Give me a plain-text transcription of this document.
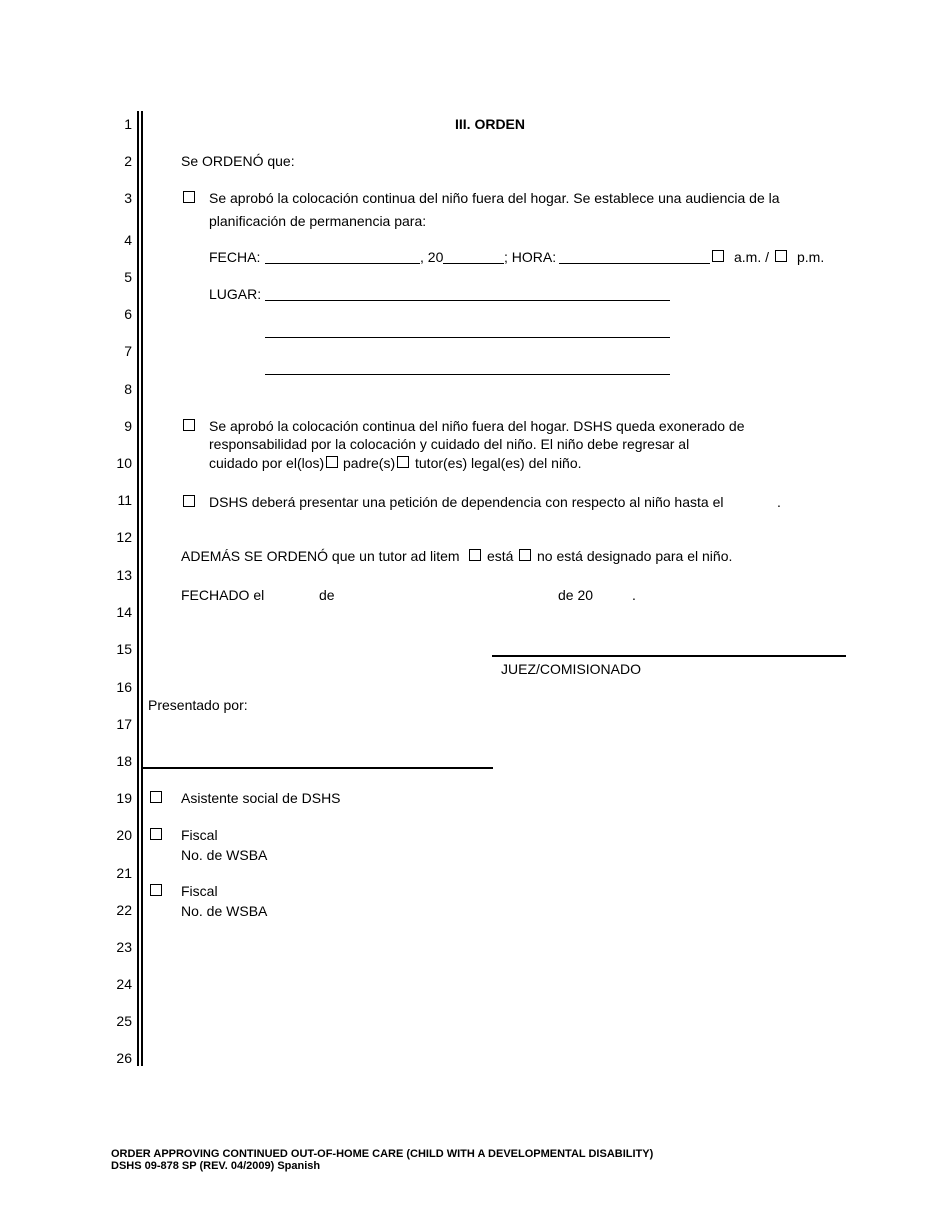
1
2
3
4
5
6
7
8
9
10
11
12
13
14
15
16
17
18
19
20
21
22
23
24
25
26
III. ORDEN
Se ORDENÓ que:
Se aprobó la colocación continua del niño fuera del hogar. Se establece una audiencia de la
planificación de permanencia para:
FECHA:	, 20	; HORA:	a.m. / p.m.
LUGAR:
Se aprobó la colocación continua del niño fuera del hogar. DSHS queda exonerado de
responsabilidad por la colocación y cuidado del niño. El niño debe regresar al
cuidado por el(los) padre(s) tutor(es) legal(es) del niño.
DSHS deberá presentar una petición de dependencia con respecto al niño hasta el	.
ADEMÁS SE ORDENÓ que un tutor ad litem está no está designado para el niño.
FECHADO el	de	de 20	.
JUEZ/COMISIONADO
Presentado por:
Asistente social de DSHS
Fiscal
No. de WSBA
Fiscal
No. de WSBA
ORDER APPROVING CONTINUED OUT-OF-HOME CARE (CHILD WITH A DEVELOPMENTAL DISABILITY)
DSHS 09-878 SP (REV. 04/2009) Spanish
